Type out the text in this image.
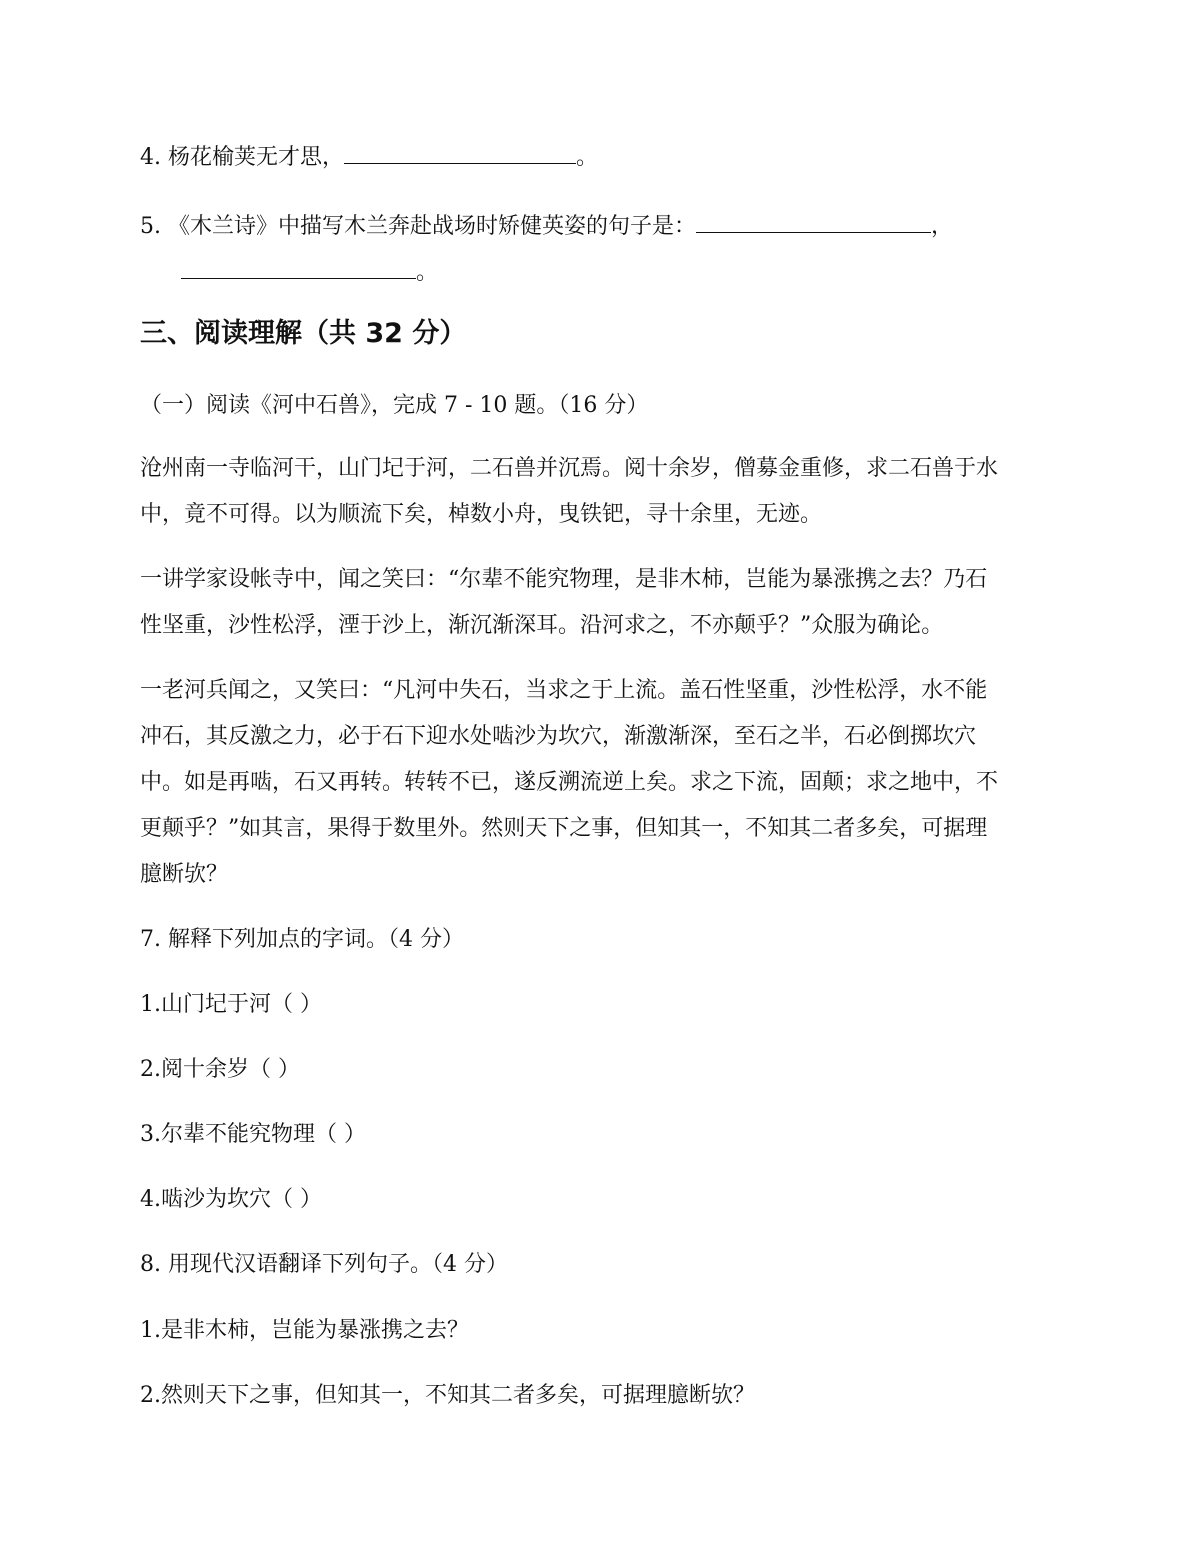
4. 杨花榆荚无才思，	。
5. 《木兰诗》中描写木兰奔赴战场时矫健英姿的句子是：	，
。
三、阅读理解（共 32 分）
（一）阅读《河中石兽》，完成 7 - 10 题。（16 分）
沧州南一寺临河干，山门圮于河，二石兽并沉焉。阅十余岁，僧募金重修，求二石兽于水
中，竟不可得。以为顺流下矣，棹数小舟，曳铁钯，寻十余里，无迹。
一讲学家设帐寺中，闻之笑曰：“尔辈不能究物理，是非木柿，岂能为暴涨携之去？乃石
性坚重，沙性松浮，湮于沙上，渐沉渐深耳。沿河求之，不亦颠乎？”众服为确论。
一老河兵闻之，又笑曰：“凡河中失石，当求之于上流。盖石性坚重，沙性松浮，水不能
冲石，其反激之力，必于石下迎水处啮沙为坎穴，渐激渐深，至石之半，石必倒掷坎穴
中。如是再啮，石又再转。转转不已，遂反溯流逆上矣。求之下流，固颠；求之地中，不
更颠乎？”如其言，果得于数里外。然则天下之事，但知其一，不知其二者多矣，可据理
臆断欤？
7. 解释下列加点的字词。（4 分）
1.山门圮于河（ ）
2.阅十余岁（ ）
3.尔辈不能究物理（ ）
4.啮沙为坎穴（ ）
8. 用现代汉语翻译下列句子。（4 分）
1.是非木柿，岂能为暴涨携之去？
2.然则天下之事，但知其一，不知其二者多矣，可据理臆断欤？
